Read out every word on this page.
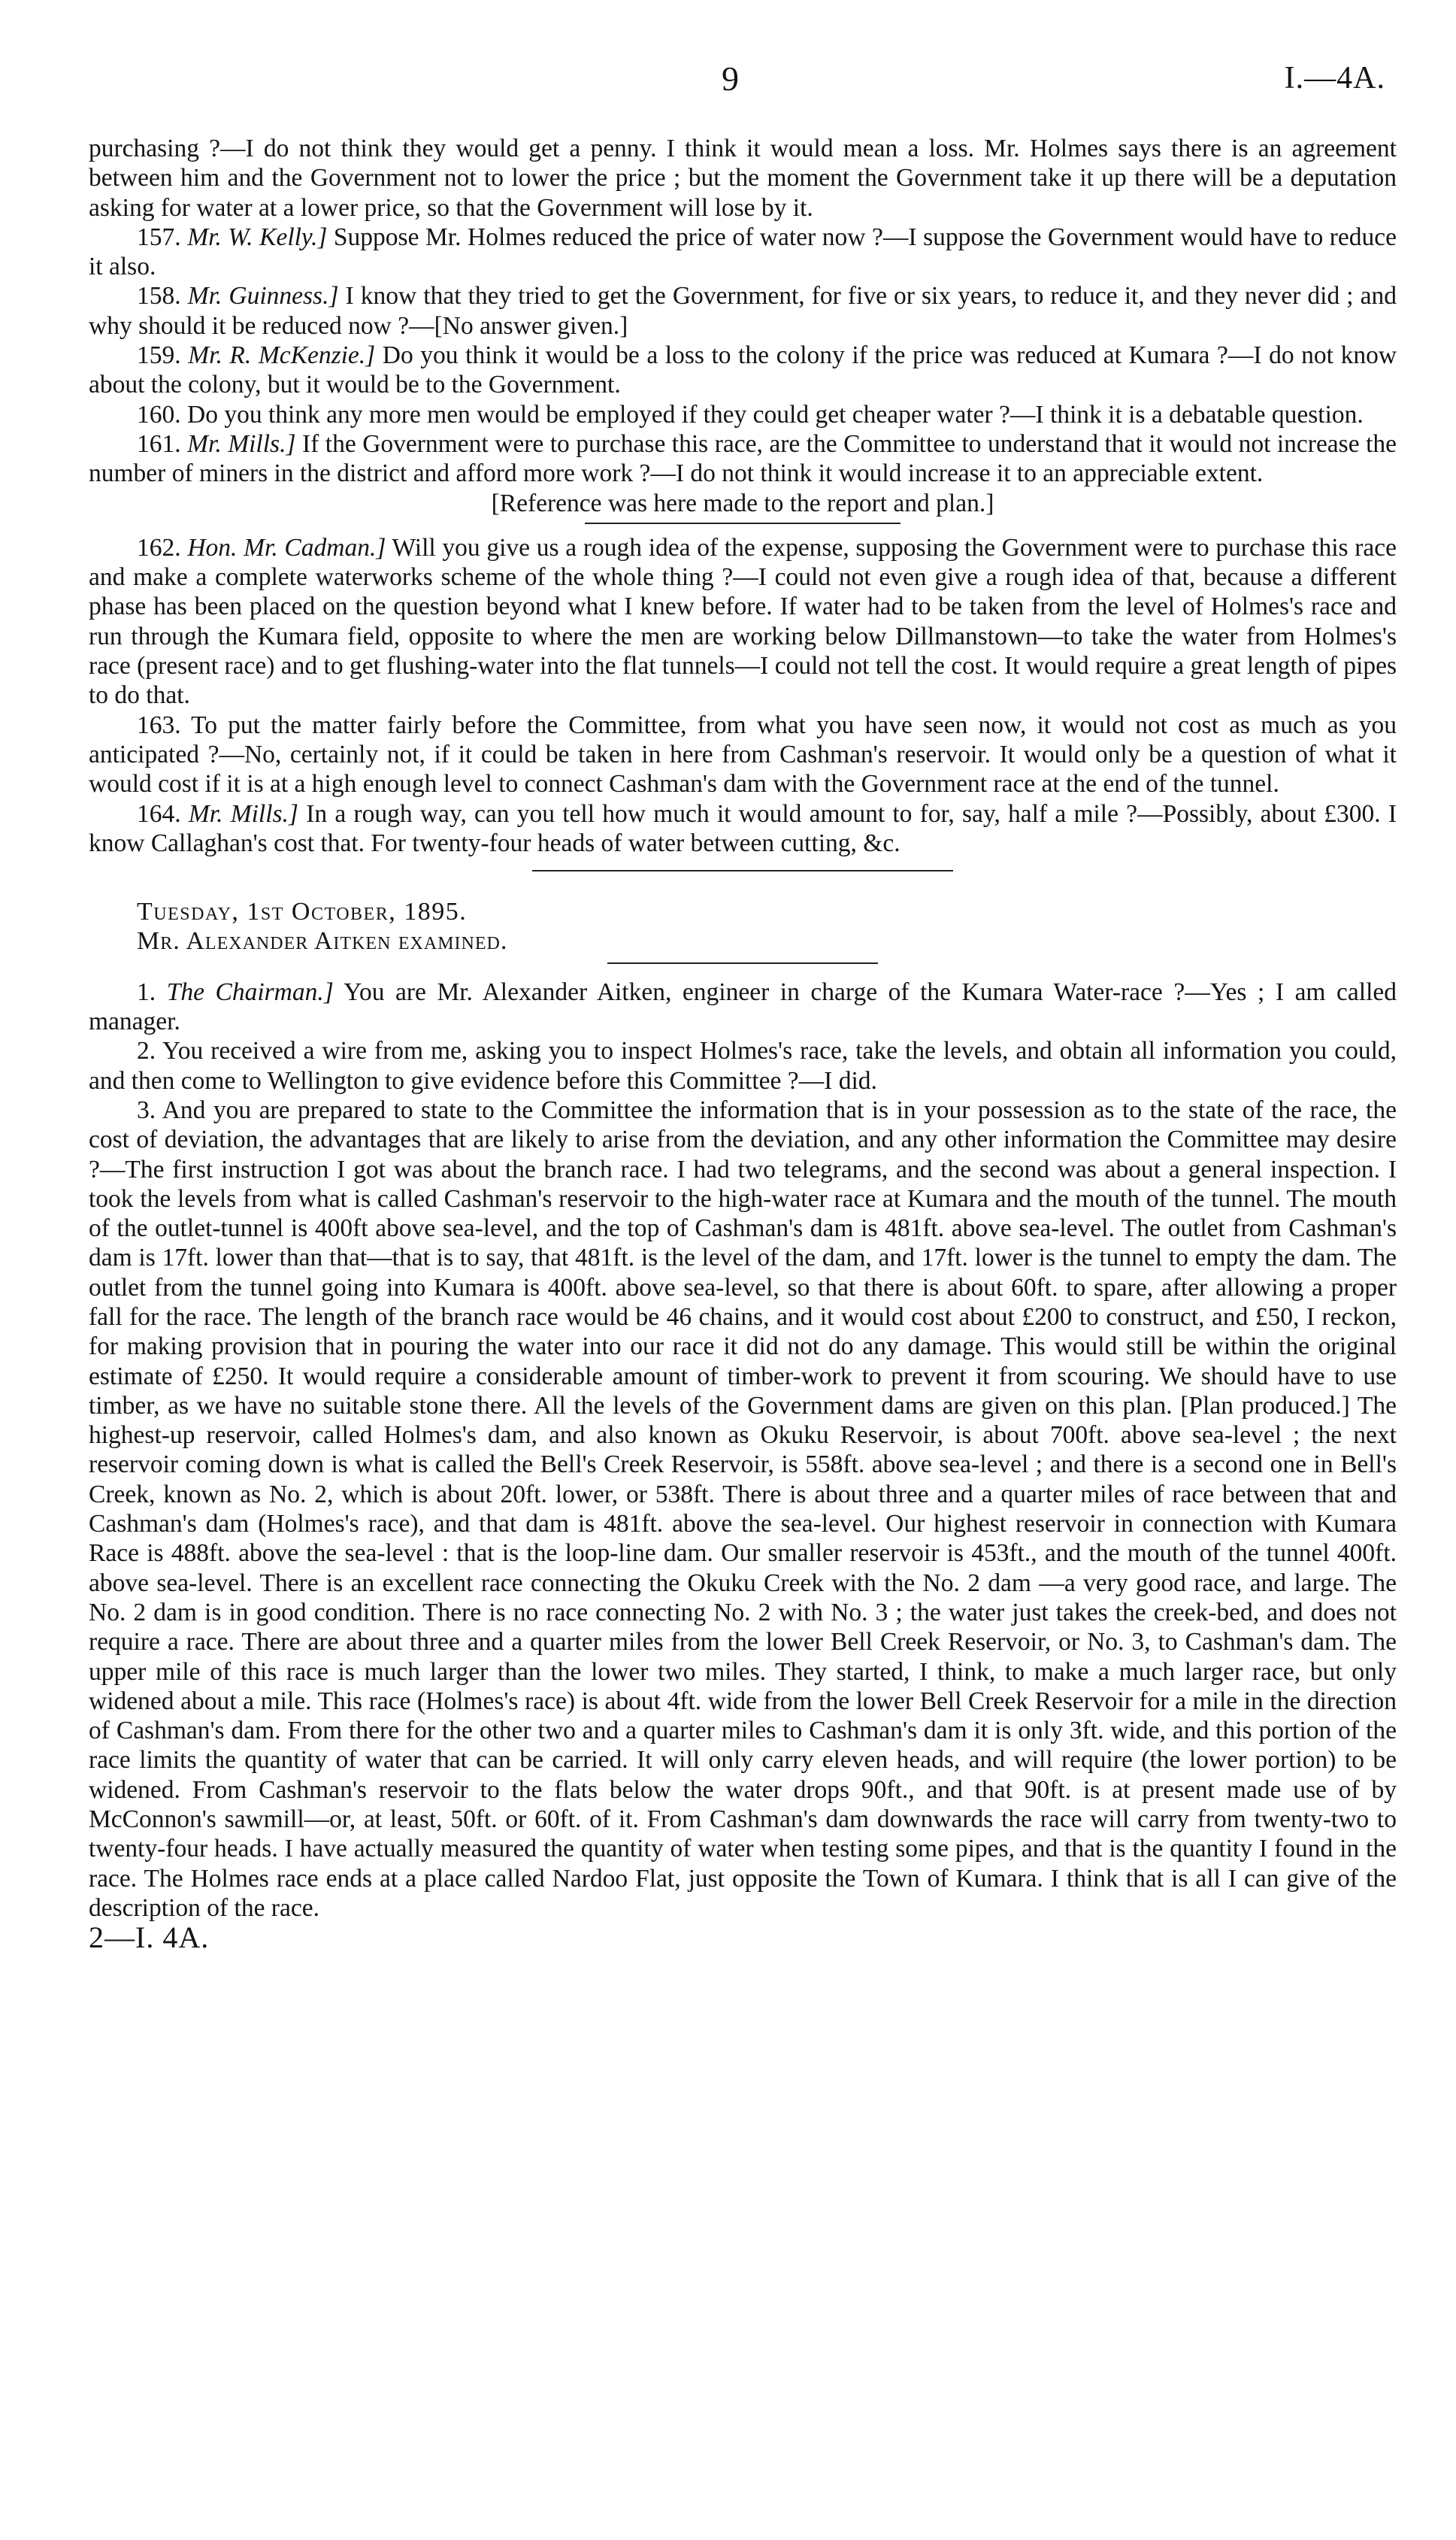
9	I.—4A.

purchasing ?—I do not think they would get a penny. I think it would mean a loss. Mr. Holmes says there is an agreement between him and the Government not to lower the price ; but the moment the Government take it up there will be a deputation asking for water at a lower price, so that the Government will lose by it.

157. Mr. W. Kelly.] Suppose Mr. Holmes reduced the price of water now ?—I suppose the Government would have to reduce it also.

158. Mr. Guinness.] I know that they tried to get the Government, for five or six years, to reduce it, and they never did ; and why should it be reduced now ?—[No answer given.]

159. Mr. R. McKenzie.] Do you think it would be a loss to the colony if the price was reduced at Kumara ?—I do not know about the colony, but it would be to the Government.

160. Do you think any more men would be employed if they could get cheaper water ?—I think it is a debatable question.

161. Mr. Mills.] If the Government were to purchase this race, are the Committee to understand that it would not increase the number of miners in the district and afford more work ?—I do not think it would increase it to an appreciable extent.

[Reference was here made to the report and plan.]

162. Hon. Mr. Cadman.] Will you give us a rough idea of the expense, supposing the Government were to purchase this race and make a complete waterworks scheme of the whole thing ?—I could not even give a rough idea of that, because a different phase has been placed on the question beyond what I knew before. If water had to be taken from the level of Holmes's race and run through the Kumara field, opposite to where the men are working below Dillmanstown—to take the water from Holmes's race (present race) and to get flushing-water into the flat tunnels—I could not tell the cost. It would require a great length of pipes to do that.

163. To put the matter fairly before the Committee, from what you have seen now, it would not cost as much as you anticipated ?—No, certainly not, if it could be taken in here from Cashman's reservoir. It would only be a question of what it would cost if it is at a high enough level to connect Cashman's dam with the Government race at the end of the tunnel.

164. Mr. Mills.] In a rough way, can you tell how much it would amount to for, say, half a mile ?—Possibly, about £300. I know Callaghan's cost that. For twenty-four heads of water between cutting, &c.

Tuesday, 1st October, 1895.

Mr. Alexander Aitken examined.

1. The Chairman.] You are Mr. Alexander Aitken, engineer in charge of the Kumara Water-race ?—Yes ; I am called manager.

2. You received a wire from me, asking you to inspect Holmes's race, take the levels, and obtain all information you could, and then come to Wellington to give evidence before this Committee ?—I did.

3. And you are prepared to state to the Committee the information that is in your possession as to the state of the race, the cost of deviation, the advantages that are likely to arise from the deviation, and any other information the Committee may desire ?—The first instruction I got was about the branch race. I had two telegrams, and the second was about a general inspection. I took the levels from what is called Cashman's reservoir to the high-water race at Kumara and the mouth of the tunnel. The mouth of the outlet-tunnel is 400ft above sea-level, and the top of Cashman's dam is 481ft. above sea-level. The outlet from Cashman's dam is 17ft. lower than that—that is to say, that 481ft. is the level of the dam, and 17ft. lower is the tunnel to empty the dam. The outlet from the tunnel going into Kumara is 400ft. above sea-level, so that there is about 60ft. to spare, after allowing a proper fall for the race. The length of the branch race would be 46 chains, and it would cost about £200 to construct, and £50, I reckon, for making provision that in pouring the water into our race it did not do any damage. This would still be within the original estimate of £250. It would require a considerable amount of timber-work to prevent it from scouring. We should have to use timber, as we have no suitable stone there. All the levels of the Government dams are given on this plan. [Plan produced.] The highest-up reservoir, called Holmes's dam, and also known as Okuku Reservoir, is about 700ft. above sea-level ; the next reservoir coming down is what is called the Bell's Creek Reservoir, is 558ft. above sea-level ; and there is a second one in Bell's Creek, known as No. 2, which is about 20ft. lower, or 538ft. There is about three and a quarter miles of race between that and Cashman's dam (Holmes's race), and that dam is 481ft. above the sea-level. Our highest reservoir in connection with Kumara Race is 488ft. above the sea-level : that is the loop-line dam. Our smaller reservoir is 453ft., and the mouth of the tunnel 400ft. above sea-level. There is an excellent race connecting the Okuku Creek with the No. 2 dam —a very good race, and large. The No. 2 dam is in good condition. There is no race connecting No. 2 with No. 3 ; the water just takes the creek-bed, and does not require a race. There are about three and a quarter miles from the lower Bell Creek Reservoir, or No. 3, to Cashman's dam. The upper mile of this race is much larger than the lower two miles. They started, I think, to make a much larger race, but only widened about a mile. This race (Holmes's race) is about 4ft. wide from the lower Bell Creek Reservoir for a mile in the direction of Cashman's dam. From there for the other two and a quarter miles to Cashman's dam it is only 3ft. wide, and this portion of the race limits the quantity of water that can be carried. It will only carry eleven heads, and will require (the lower portion) to be widened. From Cashman's reservoir to the flats below the water drops 90ft., and that 90ft. is at present made use of by McConnon's sawmill—or, at least, 50ft. or 60ft. of it. From Cashman's dam downwards the race will carry from twenty-two to twenty-four heads. I have actually measured the quantity of water when testing some pipes, and that is the quantity I found in the race. The Holmes race ends at a place called Nardoo Flat, just opposite the Town of Kumara. I think that is all I can give of the description of the race.

2—I. 4A.
